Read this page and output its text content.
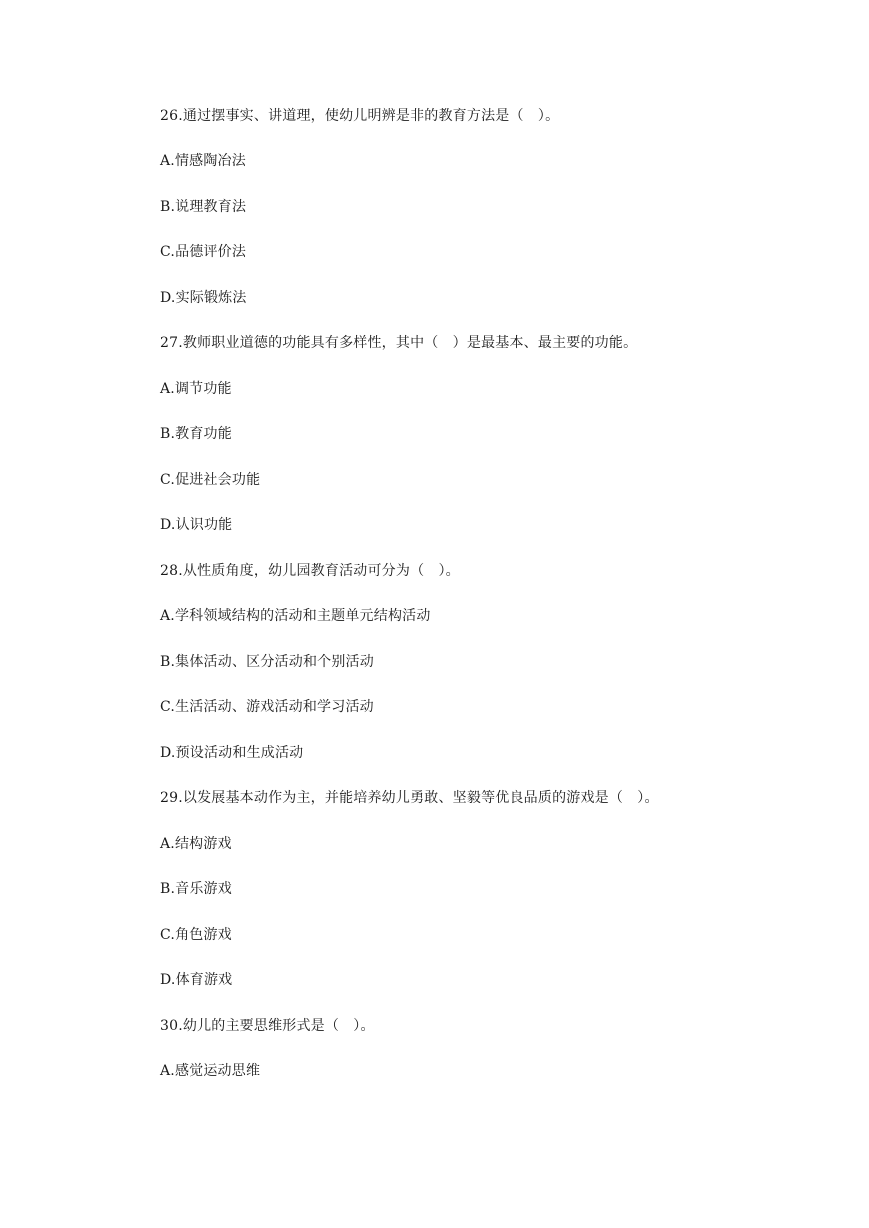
26.通过摆事实、讲道理，使幼儿明辨是非的教育方法是（　）。
A.情感陶冶法
B.说理教育法
C.品德评价法
D.实际锻炼法
27.教师职业道德的功能具有多样性，其中（　）是最基本、最主要的功能。
A.调节功能
B.教育功能
C.促进社会功能
D.认识功能
28.从性质角度，幼儿园教育活动可分为（　）。
A.学科领域结构的活动和主题单元结构活动
B.集体活动、区分活动和个别活动
C.生活活动、游戏活动和学习活动
D.预设活动和生成活动
29.以发展基本动作为主，并能培养幼儿勇敢、坚毅等优良品质的游戏是（　）。
A.结构游戏
B.音乐游戏
C.角色游戏
D.体育游戏
30.幼儿的主要思维形式是（　）。
A.感觉运动思维
